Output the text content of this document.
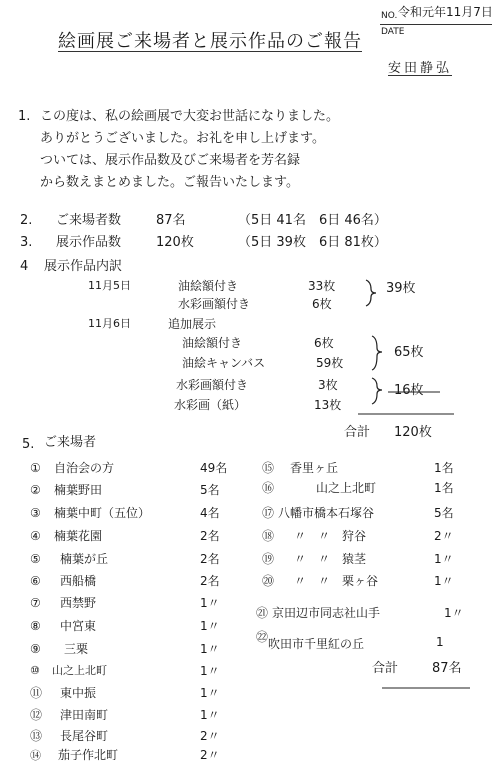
NO. 令和元年11月7日
DATE
絵画展ご来場者と展示作品のご報告
安田静弘
1. この度は、私の絵画展で大変お世話になりました。
ありがとうございました。お礼を申し上げます。
ついては、展示作品数及びご来場者を芳名録
から数えまとめました。ご報告いたします。
2. ご来場者数	87名	（5日 41名　6日 46名）
3. 展示作品数	120枚	（5日 39枚　6日 81枚）
4 展示作品内訳
11月5日	油絵額付き	33枚
水彩画額付き	6枚
39枚
11月6日	追加展示
油絵額付き	6枚
油絵キャンバス	59枚
65枚
水彩画額付き	3枚
水彩画（紙）	13枚
16枚
合計 120枚
5. ご来場者
① 自治会の方	49名
② 楠葉野田	5名
③ 楠葉中町（五位）	4名
④ 楠葉花園	2名
⑤ 楠葉が丘	2名
⑥ 西船橋	2名
⑦ 西禁野	1〃
⑧ 中宮東	1〃
⑨ 三栗	1〃
⑩ 山之上北町	1〃
⑪ 東中振	1〃
⑫ 津田南町	1〃
⑬ 長尾谷町	2〃
⑭ 茄子作北町	2〃
⑮ 香里ヶ丘	1名
⑯	山之上北町	1名
⑰ 八幡市橋本石塚谷	5名
⑱ 〃　〃　狩谷	2〃
⑲ 〃　〃　猿茎	1〃
⑳ 〃　〃　栗ヶ谷	1〃
㉑ 京田辺市同志社山手	1〃
㉒ 吹田市千里紅の丘	1
合計	87名
